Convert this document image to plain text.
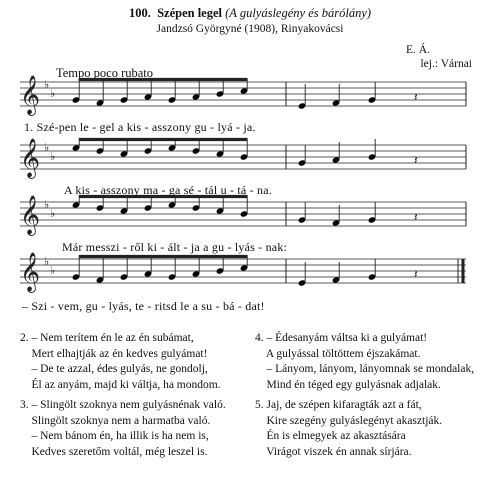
100. Szépen legel (A gulyáslegény és bárólány)
Jandzsó Györgyné (1908), Rinyakovácsi
E. Á.
lej.: Várnai
Tempo poco rubato
𝄞 ♭
♭	𝄽
𝄞 ♭
♭	𝄽
𝄞 ♭
♭	𝄽
𝄞 ♭
♭	𝄽
1. Szé-pen le - gel a kis - asszony gu - lyá - ja.
A kis - asszony ma - ga sé - tál u - tá - na.
Már messzi - ről ki - ált - ja a gu - lyás - nak:
– Szi - vem, gu - lyás, te - ritsd le a su - bá - dat!
2. – Nem terítem én le az én subámat,
Mert elhajtják az én kedves gulyámat!
– De te azzal, édes gulyás, ne gondolj,
Él az anyám, majd ki váltja, ha mondom.
3. – Slingölt szoknya nem gulyásnénak való.
Slingölt szoknya nem a harmatba való.
– Nem bánom én, ha illik is ha nem is,
Kedves szeretőm voltál, még leszel is.
4. – Édesanyám váltsa ki a gulyámat!
A gulyással töltöttem éjszakámat.
– Lányom, lányom, lányomnak se mondalak,
Mind én téged egy gulyásnak adjalak.
5. Jaj, de szépen kifaragták azt a fát,
Kire szegény gulyáslegényt akasztják.
Én is elmegyek az akasztására
Virágot viszek én annak sírjára.
